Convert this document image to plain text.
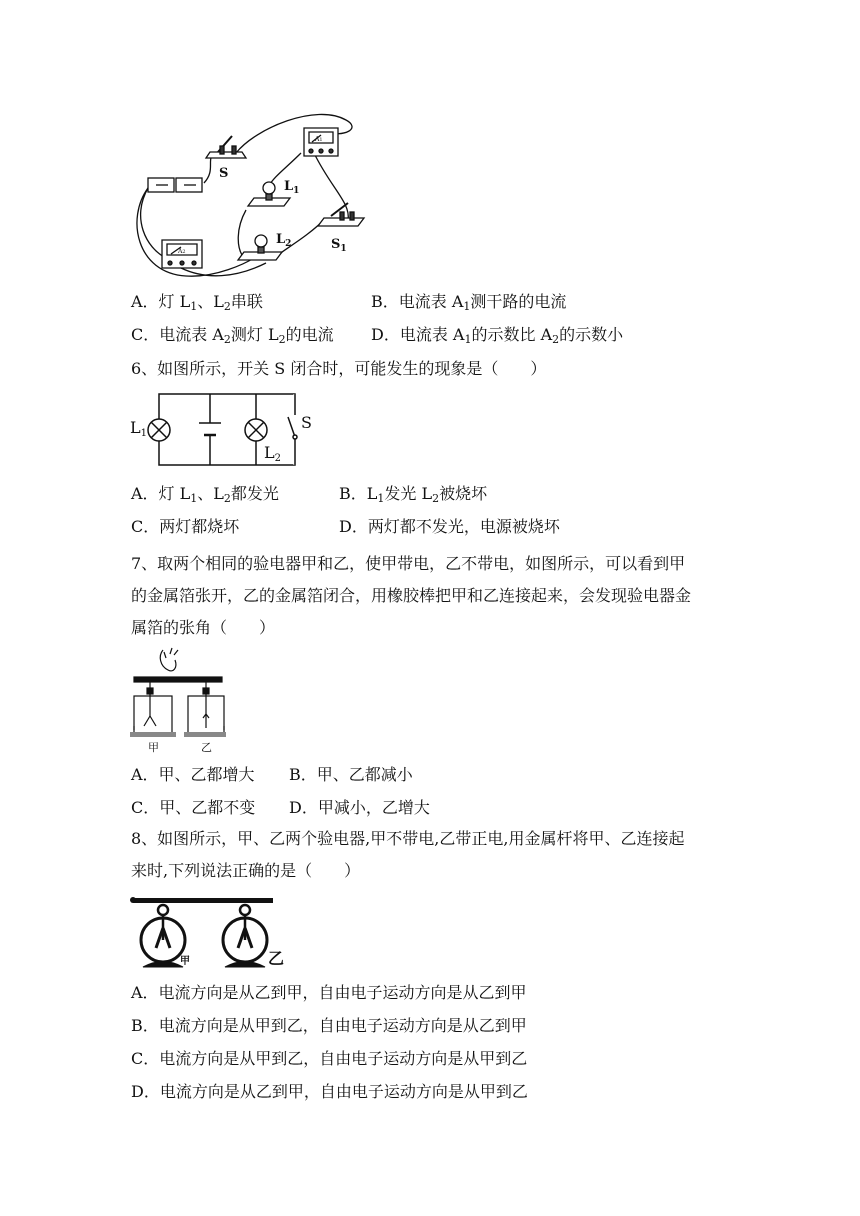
S
$L_1$
$L_2$	$S_1$
A1
A2
A．灯 $L_1$、$L_2$串联	B．电流表 $A_1$测干路的电流
C．电流表 $A_2$测灯 $L_2$的电流 D．电流表 $A_1$的示数比 $A_2$的示数小
6、如图所示，开关 S 闭合时，可能发生的现象是（　　）
L1
L2
S
A．灯 $L_1$、$L_2$都发光	B．$L_1$发光 $L_2$被烧坏
C．两灯都烧坏	D．两灯都不发光，电源被烧坏
7、取两个相同的验电器甲和乙，使甲带电，乙不带电，如图所示，可以看到甲
的金属箔张开，乙的金属箔闭合，用橡胶棒把甲和乙连接起来，会发现验电器金
属箔的张角（　　）
甲	乙
A．甲、乙都增大 B．甲、乙都减小
C．甲、乙都不变 D．甲减小，乙增大
8、如图所示，甲、乙两个验电器,甲不带电,乙带正电,用金属杆将甲、乙连接起
来时,下列说法正确的是（　　）
甲	乙
A．电流方向是从乙到甲，自由电子运动方向是从乙到甲
B．电流方向是从甲到乙，自由电子运动方向是从乙到甲
C．电流方向是从甲到乙，自由电子运动方向是从甲到乙
D．电流方向是从乙到甲，自由电子运动方向是从甲到乙
